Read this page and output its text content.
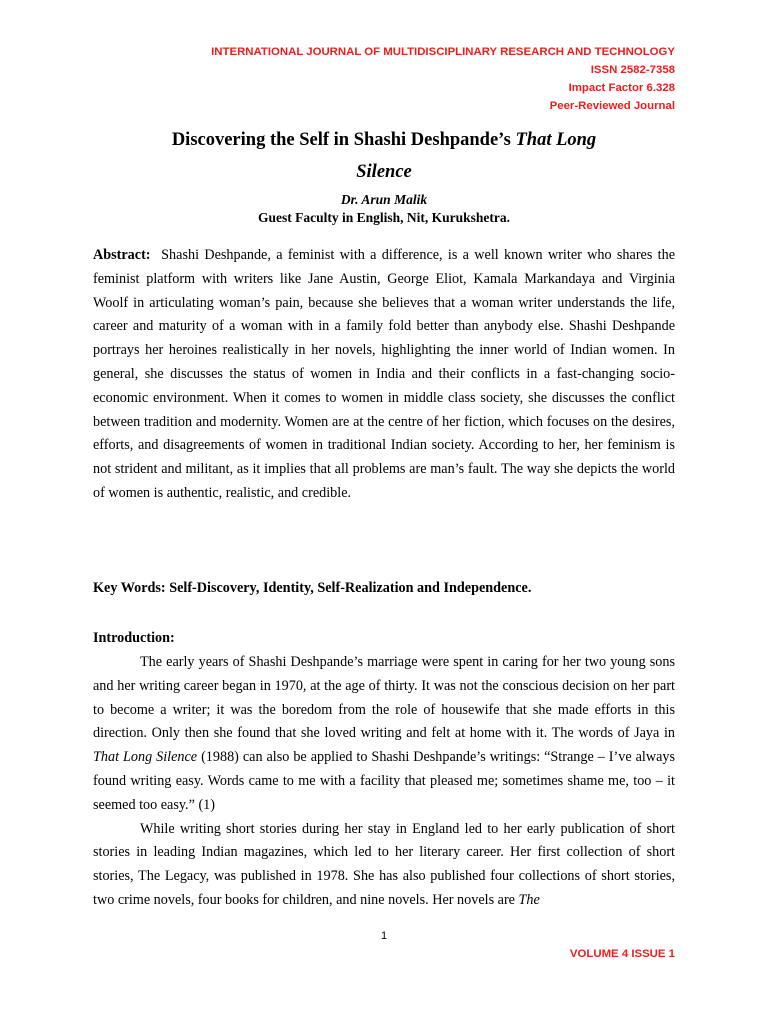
INTERNATIONAL JOURNAL OF MULTIDISCIPLINARY RESEARCH AND TECHNOLOGY
ISSN 2582-7358
Impact Factor 6.328
Peer-Reviewed Journal
Discovering the Self in Shashi Deshpande’s That Long
Silence
Dr. Arun Malik
Guest Faculty in English, Nit, Kurukshetra.
Abstract: Shashi Deshpande, a feminist with a difference, is a well known writer who shares the feminist platform with writers like Jane Austin, George Eliot, Kamala Markandaya and Virginia Woolf in articulating woman’s pain, because she believes that a woman writer understands the life, career and maturity of a woman with in a family fold better than anybody else. Shashi Deshpande portrays her heroines realistically in her novels, highlighting the inner world of Indian women. In general, she discusses the status of women in India and their conflicts in a fast-changing socio-economic environment. When it comes to women in middle class society, she discusses the conflict between tradition and modernity. Women are at the centre of her fiction, which focuses on the desires, efforts, and disagreements of women in traditional Indian society. According to her, her feminism is not strident and militant, as it implies that all problems are man’s fault. The way she depicts the world of women is authentic, realistic, and credible.
Key Words: Self-Discovery, Identity, Self-Realization and Independence.
Introduction:

The early years of Shashi Deshpande’s marriage were spent in caring for her two young sons and her writing career began in 1970, at the age of thirty. It was not the conscious decision on her part to become a writer; it was the boredom from the role of housewife that she made efforts in this direction. Only then she found that she loved writing and felt at home with it. The words of Jaya in That Long Silence (1988) can also be applied to Shashi Deshpande’s writings: “Strange – I’ve always found writing easy. Words came to me with a facility that pleased me; sometimes shame me, too – it seemed too easy.” (1)

While writing short stories during her stay in England led to her early publication of short stories in leading Indian magazines, which led to her literary career. Her first collection of short stories, The Legacy, was published in 1978. She has also published four collections of short stories, two crime novels, four books for children, and nine novels. Her novels are The

1
VOLUME 4 ISSUE 1
